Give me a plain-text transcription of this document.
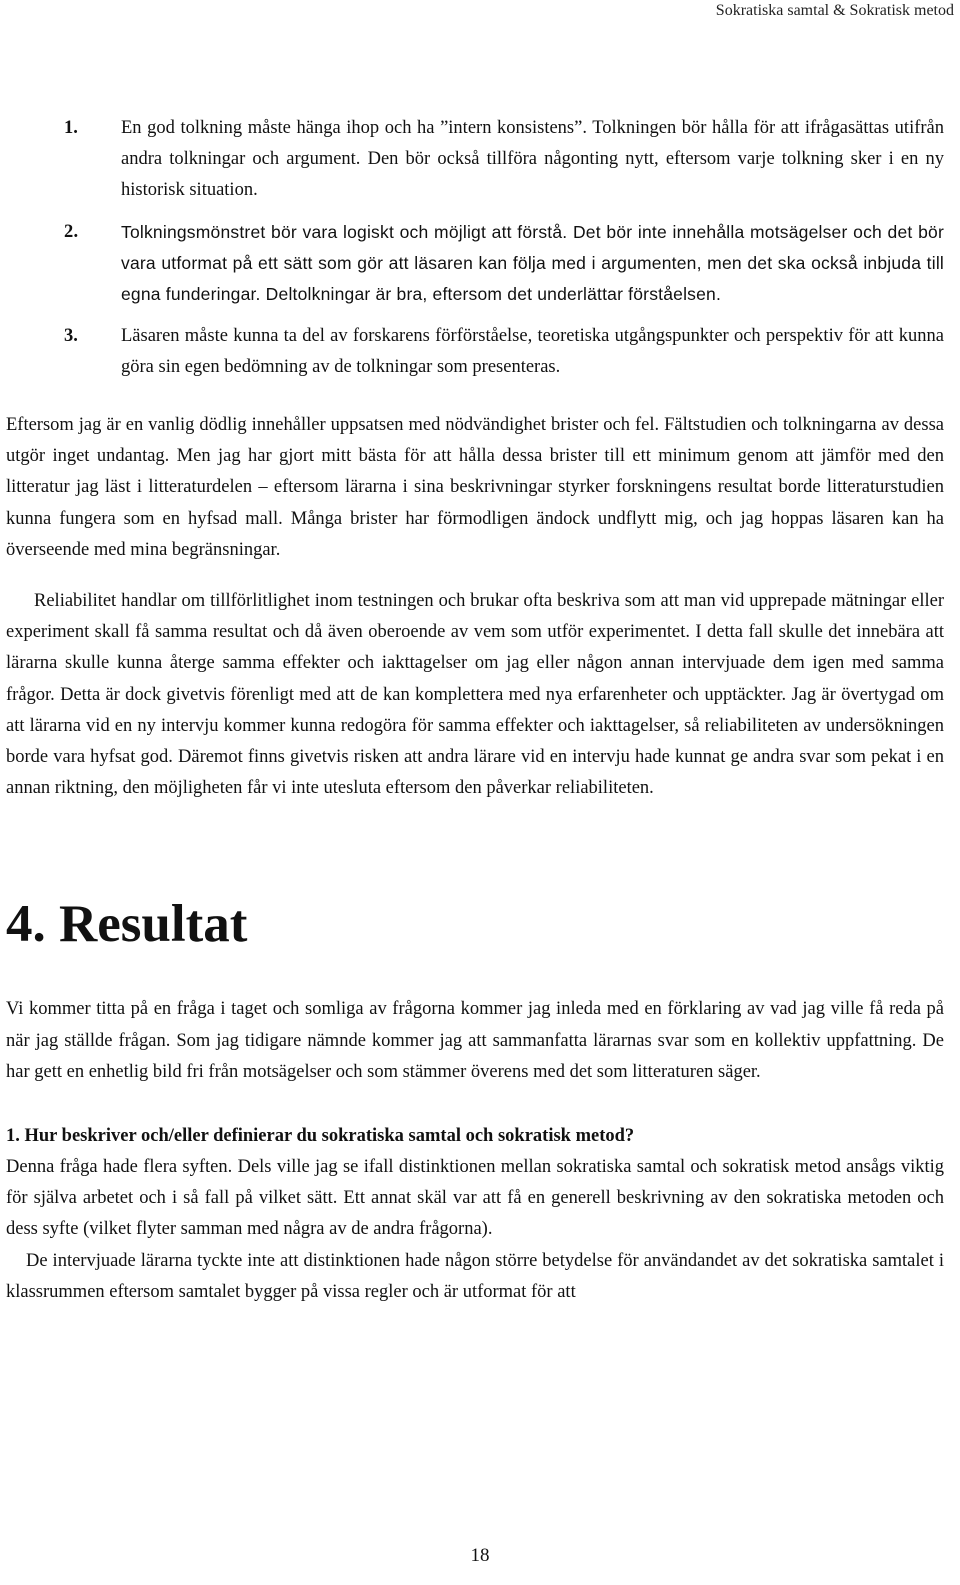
Sokratiska samtal & Sokratisk metod
1. En god tolkning måste hänga ihop och ha ”intern konsistens”. Tolkningen bör hålla för att ifrågasättas utifrån andra tolkningar och argument. Den bör också tillföra någonting nytt, eftersom varje tolkning sker i en ny historisk situation.
2. Tolkningsmönstret bör vara logiskt och möjligt att förstå. Det bör inte innehålla motsägelser och det bör vara utformat på ett sätt som gör att läsaren kan följa med i argumenten, men det ska också inbjuda till egna funderingar. Deltolkningar är bra, eftersom det underlättar förståelsen.
3. Läsaren måste kunna ta del av forskarens förförståelse, teoretiska utgångspunkter och perspektiv för att kunna göra sin egen bedömning av de tolkningar som presenteras.

Eftersom jag är en vanlig dödlig innehåller uppsatsen med nödvändighet brister och fel. Fältstudien och tolkningarna av dessa utgör inget undantag. Men jag har gjort mitt bästa för att hålla dessa brister till ett minimum genom att jämför med den litteratur jag läst i litteraturdelen – eftersom lärarna i sina beskrivningar styrker forskningens resultat borde litteraturstudien kunna fungera som en hyfsad mall. Många brister har förmodligen ändock undflytt mig, och jag hoppas läsaren kan ha överseende med mina begränsningar.

Reliabilitet handlar om tillförlitlighet inom testningen och brukar ofta beskriva som att man vid upprepade mätningar eller experiment skall få samma resultat och då även oberoende av vem som utför experimentet. I detta fall skulle det innebära att lärarna skulle kunna återge samma effekter och iakttagelser om jag eller någon annan intervjuade dem igen med samma frågor. Detta är dock givetvis förenligt med att de kan komplettera med nya erfarenheter och upptäckter. Jag är övertygad om att lärarna vid en ny intervju kommer kunna redogöra för samma effekter och iakttagelser, så reliabiliteten av undersökningen borde vara hyfsat god. Däremot finns givetvis risken att andra lärare vid en intervju hade kunnat ge andra svar som pekat i en annan riktning, den möjligheten får vi inte utesluta eftersom den påverkar reliabiliteten.

4. Resultat

Vi kommer titta på en fråga i taget och somliga av frågorna kommer jag inleda med en förklaring av vad jag ville få reda på när jag ställde frågan. Som jag tidigare nämnde kommer jag att sammanfatta lärarnas svar som en kollektiv uppfattning. De har gett en enhetlig bild fri från motsägelser och som stämmer överens med det som litteraturen säger.

1. Hur beskriver och/eller definierar du sokratiska samtal och sokratisk metod?

Denna fråga hade flera syften. Dels ville jag se ifall distinktionen mellan sokratiska samtal och sokratisk metod ansågs viktig för själva arbetet och i så fall på vilket sätt. Ett annat skäl var att få en generell beskrivning av den sokratiska metoden och dess syfte (vilket flyter samman med några av de andra frågorna).

De intervjuade lärarna tyckte inte att distinktionen hade någon större betydelse för användandet av det sokratiska samtalet i klassrummen eftersom samtalet bygger på vissa regler och är utformat för att

18
